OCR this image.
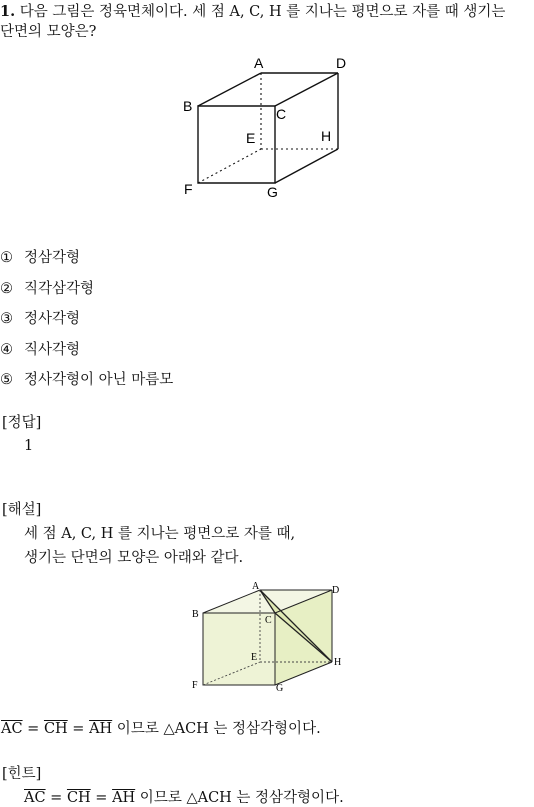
1. 다음 그림은 정육면체이다. 세 점 A, C, H 를 지나는 평면으로 자를 때 생기는
단면의 모양은?
A	D
B	C
E	H
F	G
① 정삼각형
② 직각삼각형
③ 정사각형
④ 직사각형
⑤ 정사각형이 아닌 마름모
[정답]
1
[해설]
세 점 A, C, H 를 지나는 평면으로 자를 때,
생기는 단면의 모양은 아래와 같다.
A	D
B
C
E	H
F	G
$\overline{AC} = \overline{CH} = \overline{AH}$ 이므로 △ACH 는 정삼각형이다.
[힌트]
$\overline{AC} = \overline{CH} = \overline{AH}$ 이므로 △ACH 는 정삼각형이다.
